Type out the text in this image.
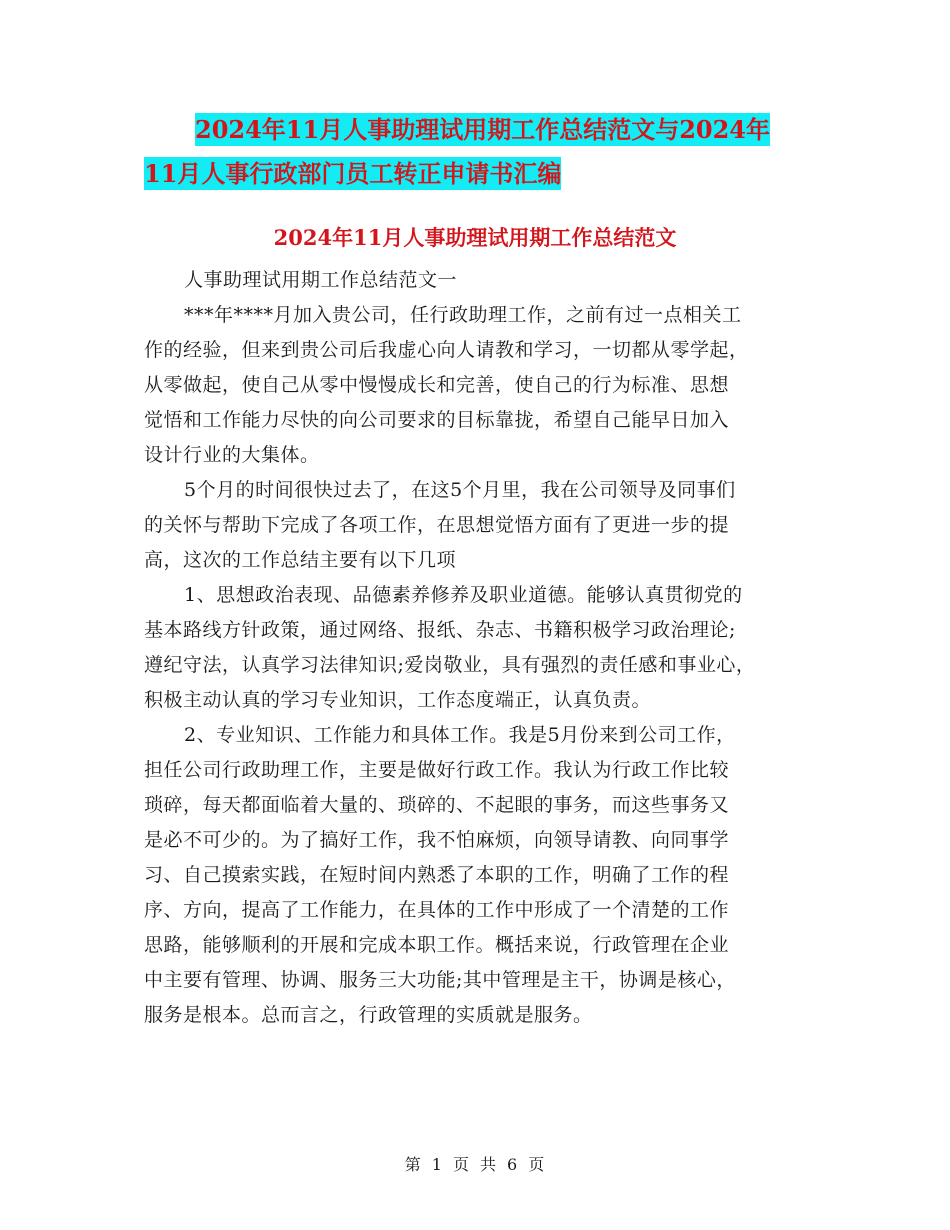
2024年11月人事助理试用期工作总结范文与2024年
11月人事行政部门员工转正申请书汇编
2024年11月人事助理试用期工作总结范文
人事助理试用期工作总结范文一
***年****月加入贵公司，任行政助理工作，之前有过一点相关工
作的经验，但来到贵公司后我虚心向人请教和学习，一切都从零学起，
从零做起，使自己从零中慢慢成长和完善，使自己的行为标准、思想
觉悟和工作能力尽快的向公司要求的目标靠拢，希望自己能早日加入
设计行业的大集体。
5个月的时间很快过去了，在这5个月里，我在公司领导及同事们
的关怀与帮助下完成了各项工作，在思想觉悟方面有了更进一步的提
高，这次的工作总结主要有以下几项
1、思想政治表现、品德素养修养及职业道德。能够认真贯彻党的
基本路线方针政策，通过网络、报纸、杂志、书籍积极学习政治理论;
遵纪守法，认真学习法律知识;爱岗敬业，具有强烈的责任感和事业心，
积极主动认真的学习专业知识，工作态度端正，认真负责。
2、专业知识、工作能力和具体工作。我是5月份来到公司工作，
担任公司行政助理工作，主要是做好行政工作。我认为行政工作比较
琐碎，每天都面临着大量的、琐碎的、不起眼的事务，而这些事务又
是必不可少的。为了搞好工作，我不怕麻烦，向领导请教、向同事学
习、自己摸索实践，在短时间内熟悉了本职的工作，明确了工作的程
序、方向，提高了工作能力，在具体的工作中形成了一个清楚的工作
思路，能够顺利的开展和完成本职工作。概括来说，行政管理在企业
中主要有管理、协调、服务三大功能;其中管理是主干，协调是核心，
服务是根本。总而言之，行政管理的实质就是服务。
第 1 页 共 6 页
